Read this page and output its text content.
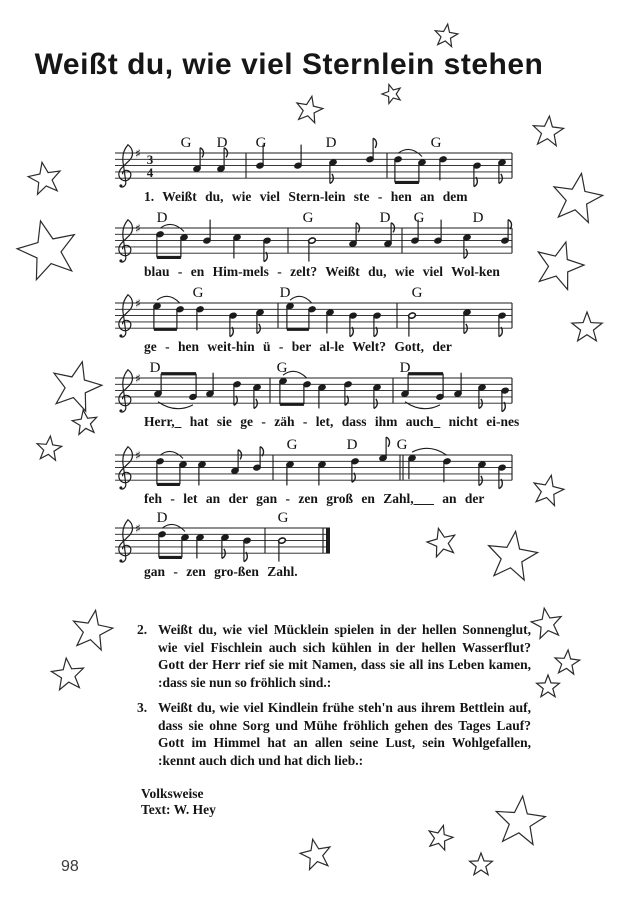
♯ 3
4
G D G	D	G
♯
D	G	D G	D
♯
G	D	G
♯
D	G	D
♯
G	D	G
♯
D	G
Weißt du, wie viel Sternlein stehen
1. Weißt du, wie viel Stern-lein ste - hen an dem
blau - en Him-mels - zelt? Weißt du, wie viel Wol-ken
ge - hen weit-hin ü - ber al-le Welt? Gott, der
Herr,_ hat sie ge - zäh - let, dass ihm auch_ nicht ei-nes
feh - let an der gan - zen groß en Zahl,___ an der
gan - zen gro-ßen Zahl.
2. Weißt du, wie viel Mücklein spielen in der hellen Sonnenglut,
wie viel Fischlein auch sich kühlen in der hellen Wasserflut?
Gott der Herr rief sie mit Namen, dass sie all ins Leben kamen,
:dass sie nun so fröhlich sind.:
3. Weißt du, wie viel Kindlein frühe steh'n aus ihrem Bettlein auf,
dass sie ohne Sorg und Mühe fröhlich gehen des Tages Lauf?
Gott im Himmel hat an allen seine Lust, sein Wohlgefallen,
:kennt auch dich und hat dich lieb.:
Volksweise
Text: W. Hey
98
